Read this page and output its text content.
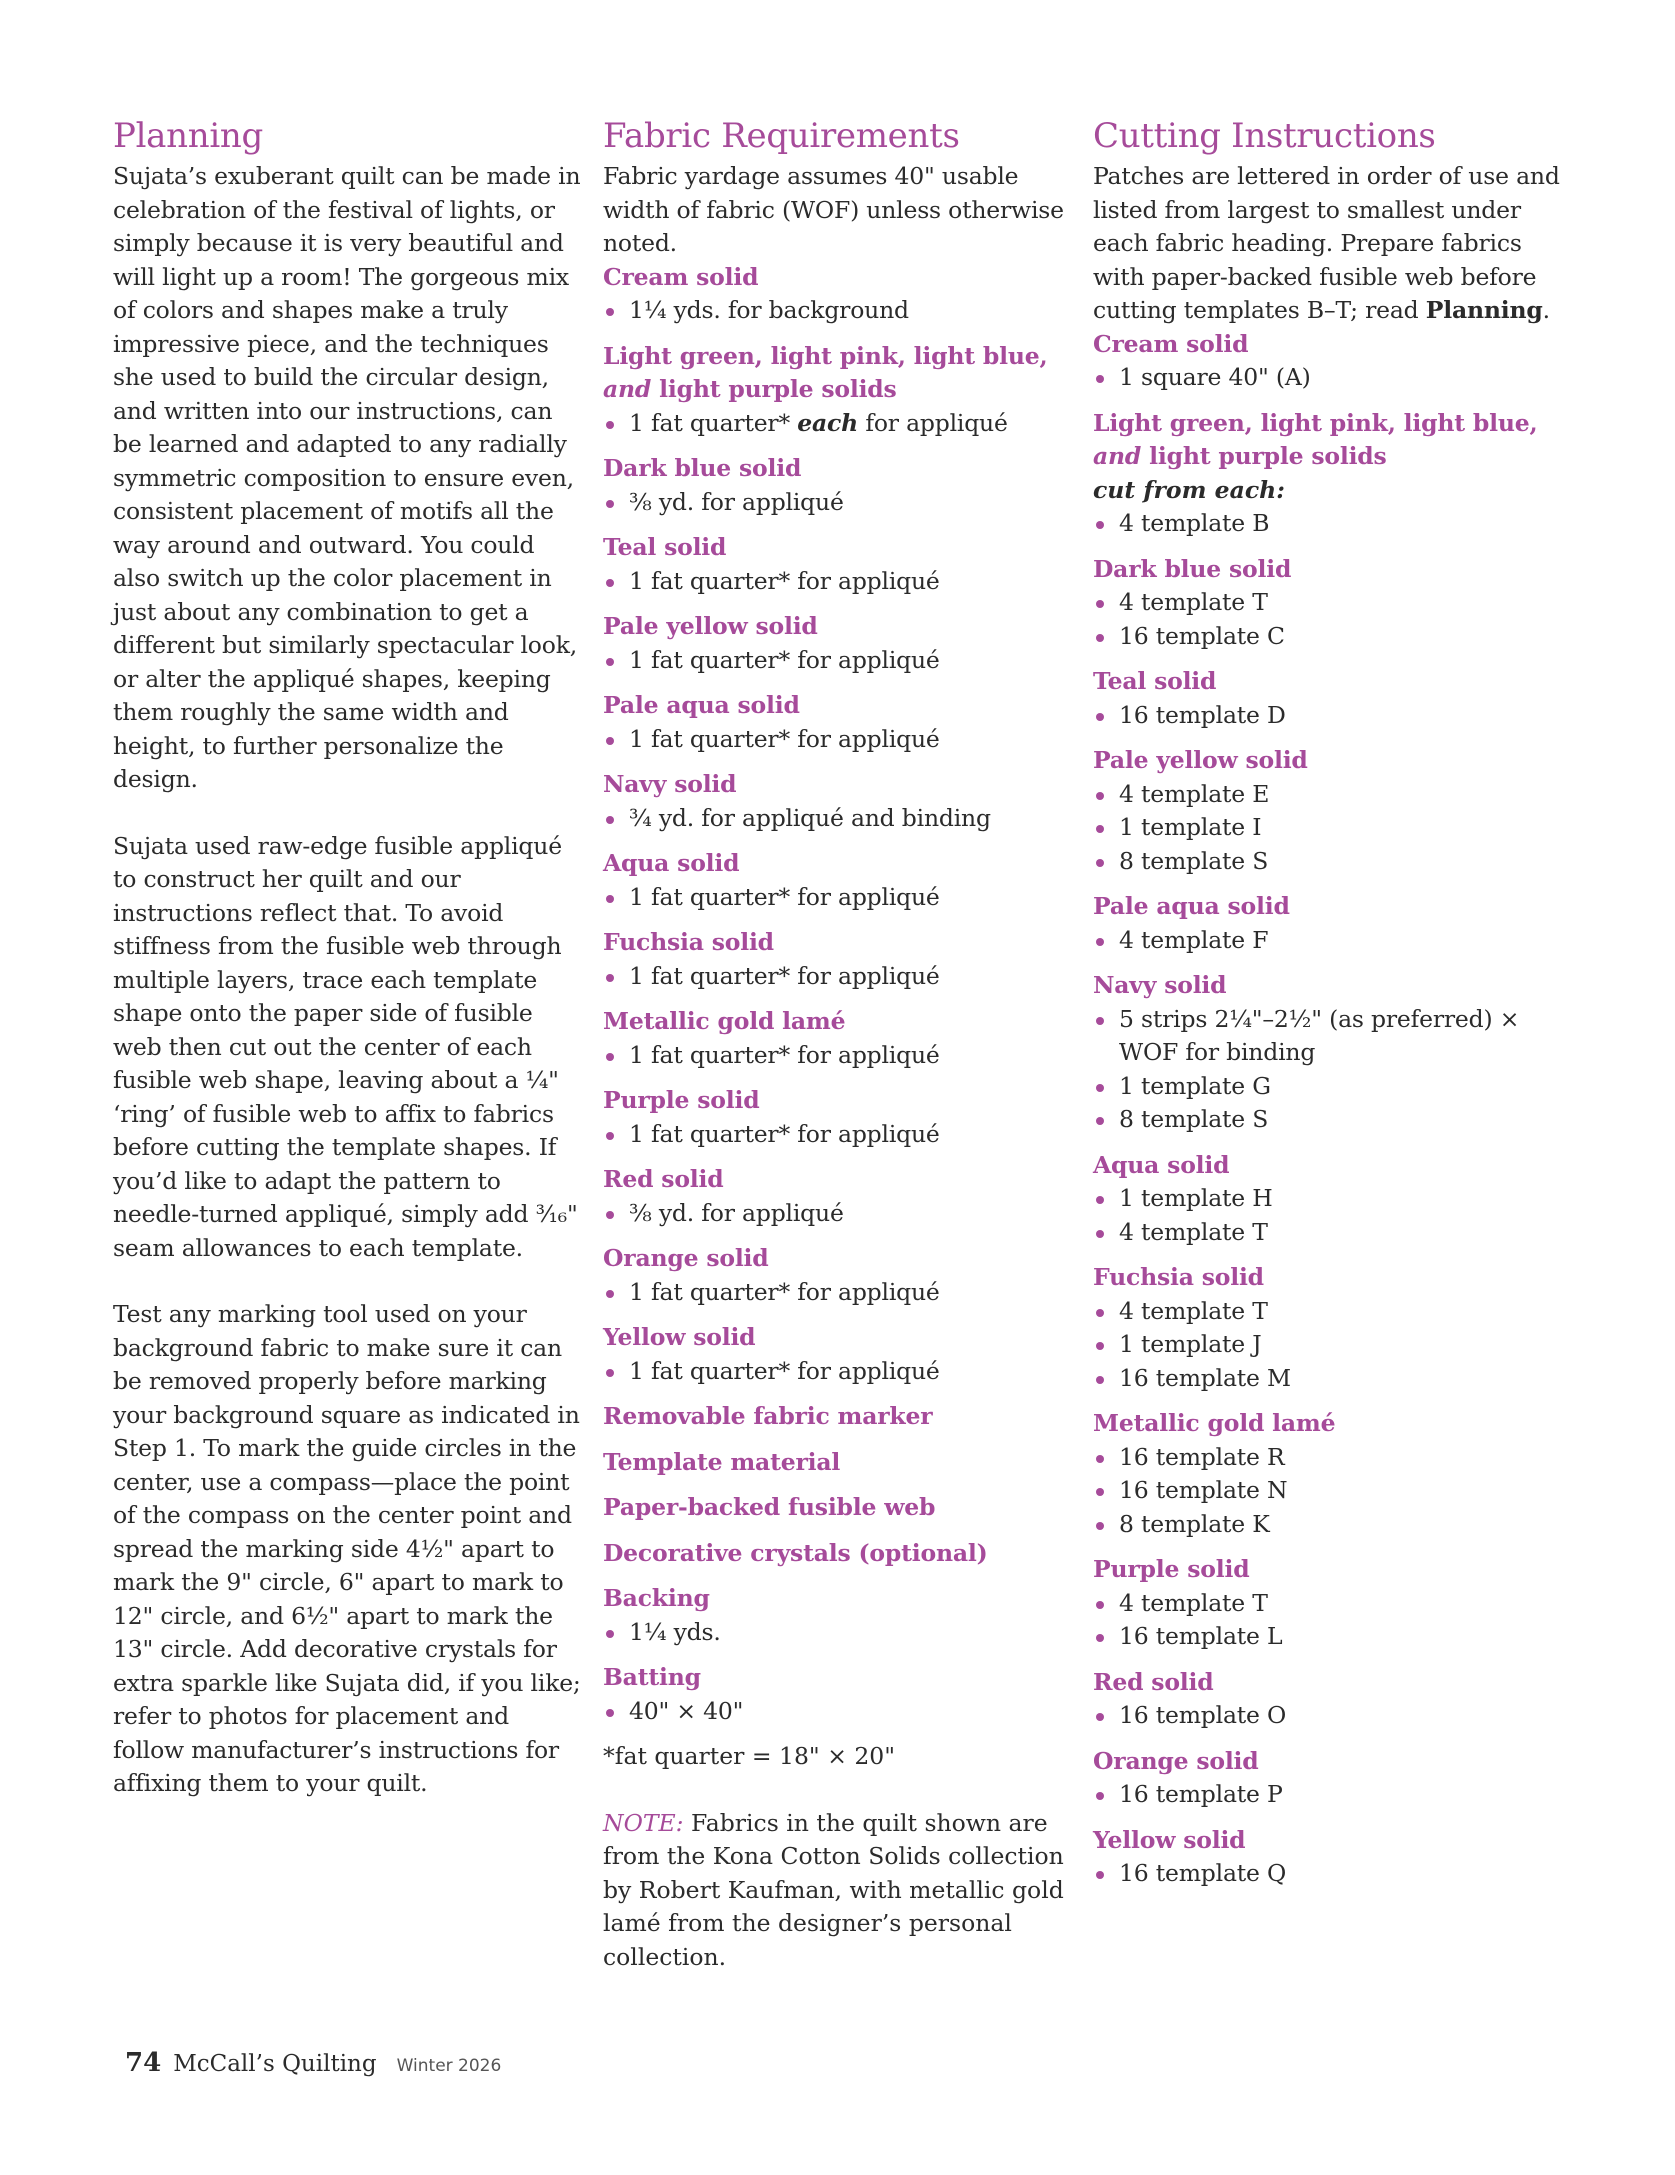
Planning

Sujata’s exuberant quilt can be made in celebration of the festival of lights, or simply because it is very beautiful and will light up a room! The gorgeous mix of colors and shapes make a truly impressive piece, and the techniques she used to build the circular design, and written into our instructions, can be learned and adapted to any radially symmetric composition to ensure even, consistent placement of motifs all the way around and outward. You could also switch up the color placement in just about any combination to get a different but similarly spectacular look, or alter the appliqué shapes, keeping them roughly the same width and height, to further personalize the design.

Sujata used raw-edge fusible appliqué to construct her quilt and our instructions reflect that. To avoid stiffness from the fusible web through multiple layers, trace each template shape onto the paper side of fusible web then cut out the center of each fusible web shape, leaving about a ¼" ‘ring’ of fusible web to affix to fabrics before cutting the template shapes. If you’d like to adapt the pattern to needle-turned appliqué, simply add ³⁄₁₆" seam allowances to each template.

Test any marking tool used on your background fabric to make sure it can be removed properly before marking your background square as indicated in Step 1. To mark the guide circles in the center, use a compass—place the point of the compass on the center point and spread the marking side 4½" apart to mark the 9" circle, 6" apart to mark to 12" circle, and 6½" apart to mark the 13" circle. Add decorative crystals for extra sparkle like Sujata did, if you like; refer to photos for placement and follow manufacturer’s instructions for affixing them to your quilt.

Fabric Requirements

Fabric yardage assumes 40" usable width of fabric (WOF) unless otherwise noted.

Cream solid

1¼ yds. for background

Light green, light pink, light blue,
and light purple solids

1 fat quarter* each for appliqué

Dark blue solid

⅜ yd. for appliqué

Teal solid

1 fat quarter* for appliqué

Pale yellow solid

1 fat quarter* for appliqué

Pale aqua solid

1 fat quarter* for appliqué

Navy solid

¾ yd. for appliqué and binding

Aqua solid

1 fat quarter* for appliqué

Fuchsia solid

1 fat quarter* for appliqué

Metallic gold lamé

1 fat quarter* for appliqué

Purple solid

1 fat quarter* for appliqué

Red solid

⅜ yd. for appliqué

Orange solid

1 fat quarter* for appliqué

Yellow solid

1 fat quarter* for appliqué

Removable fabric marker

Template material

Paper-backed fusible web

Decorative crystals (optional)

Backing

1¼ yds.

Batting

40" × 40"

*fat quarter = 18" × 20"

NOTE: Fabrics in the quilt shown are from the Kona Cotton Solids collection by Robert Kaufman, with metallic gold lamé from the designer’s personal collection.

Cutting Instructions

Patches are lettered in order of use and listed from largest to smallest under each fabric heading. Prepare fabrics with paper-backed fusible web before cutting templates B–T; read Planning.

Cream solid

1 square 40" (A)

Light green, light pink, light blue,
and light purple solids

cut from each:

4 template B

Dark blue solid

4 template T
16 template C

Teal solid

16 template D

Pale yellow solid

4 template E
1 template I
8 template S

Pale aqua solid

4 template F

Navy solid

5 strips 2¼"–2½" (as preferred) × WOF for binding
1 template G
8 template S

Aqua solid

1 template H
4 template T

Fuchsia solid

4 template T
1 template J
16 template M

Metallic gold lamé

16 template R
16 template N
8 template K

Purple solid

4 template T
16 template L

Red solid

16 template O

Orange solid

16 template P

Yellow solid

16 template Q
74 McCall’s Quilting Winter 2026
